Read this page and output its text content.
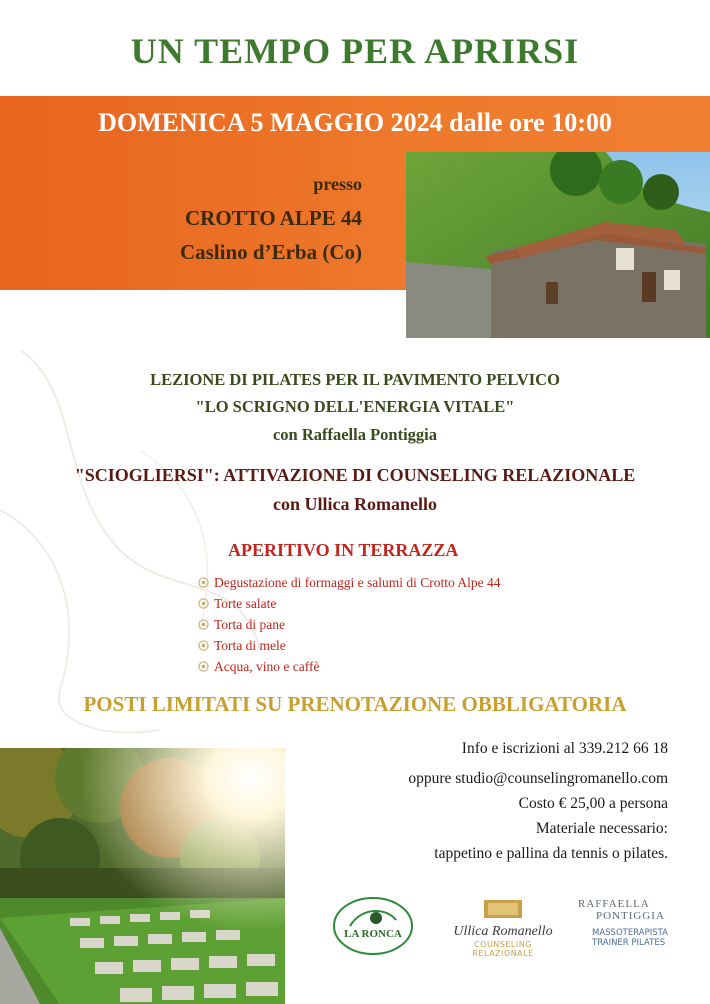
UN TEMPO PER APRIRSI
DOMENICA 5 MAGGIO 2024 dalle ore 10:00
presso
CROTTO ALPE 44
Caslino d’Erba (Co)
LEZIONE DI PILATES PER IL PAVIMENTO PELVICO
"LO SCRIGNO DELL'ENERGIA VITALE"
con Raffaella Pontiggia
"SCIOGLIERSI": ATTIVAZIONE DI COUNSELING RELAZIONALE
con Ullica Romanello
APERITIVO IN TERRAZZA
Degustazione di formaggi e salumi di Crotto Alpe 44
Torte salate
Torta di pane
Torta di mele
Acqua, vino e caffè
POSTI LIMITATI SU PRENOTAZIONE OBBLIGATORIA
Info e iscrizioni al 339.212 66 18
oppure studio@counselingromanello.com
Costo € 25,00 a persona
Materiale necessario:
tappetino e pallina da tennis o pilates.
LA RONCA	Ullica Romanello
COUNSELING RELAZIONALE
RAFFAELLA
PONTIGGIA
MASSOTERAPISTA
TRAINER PILATES
